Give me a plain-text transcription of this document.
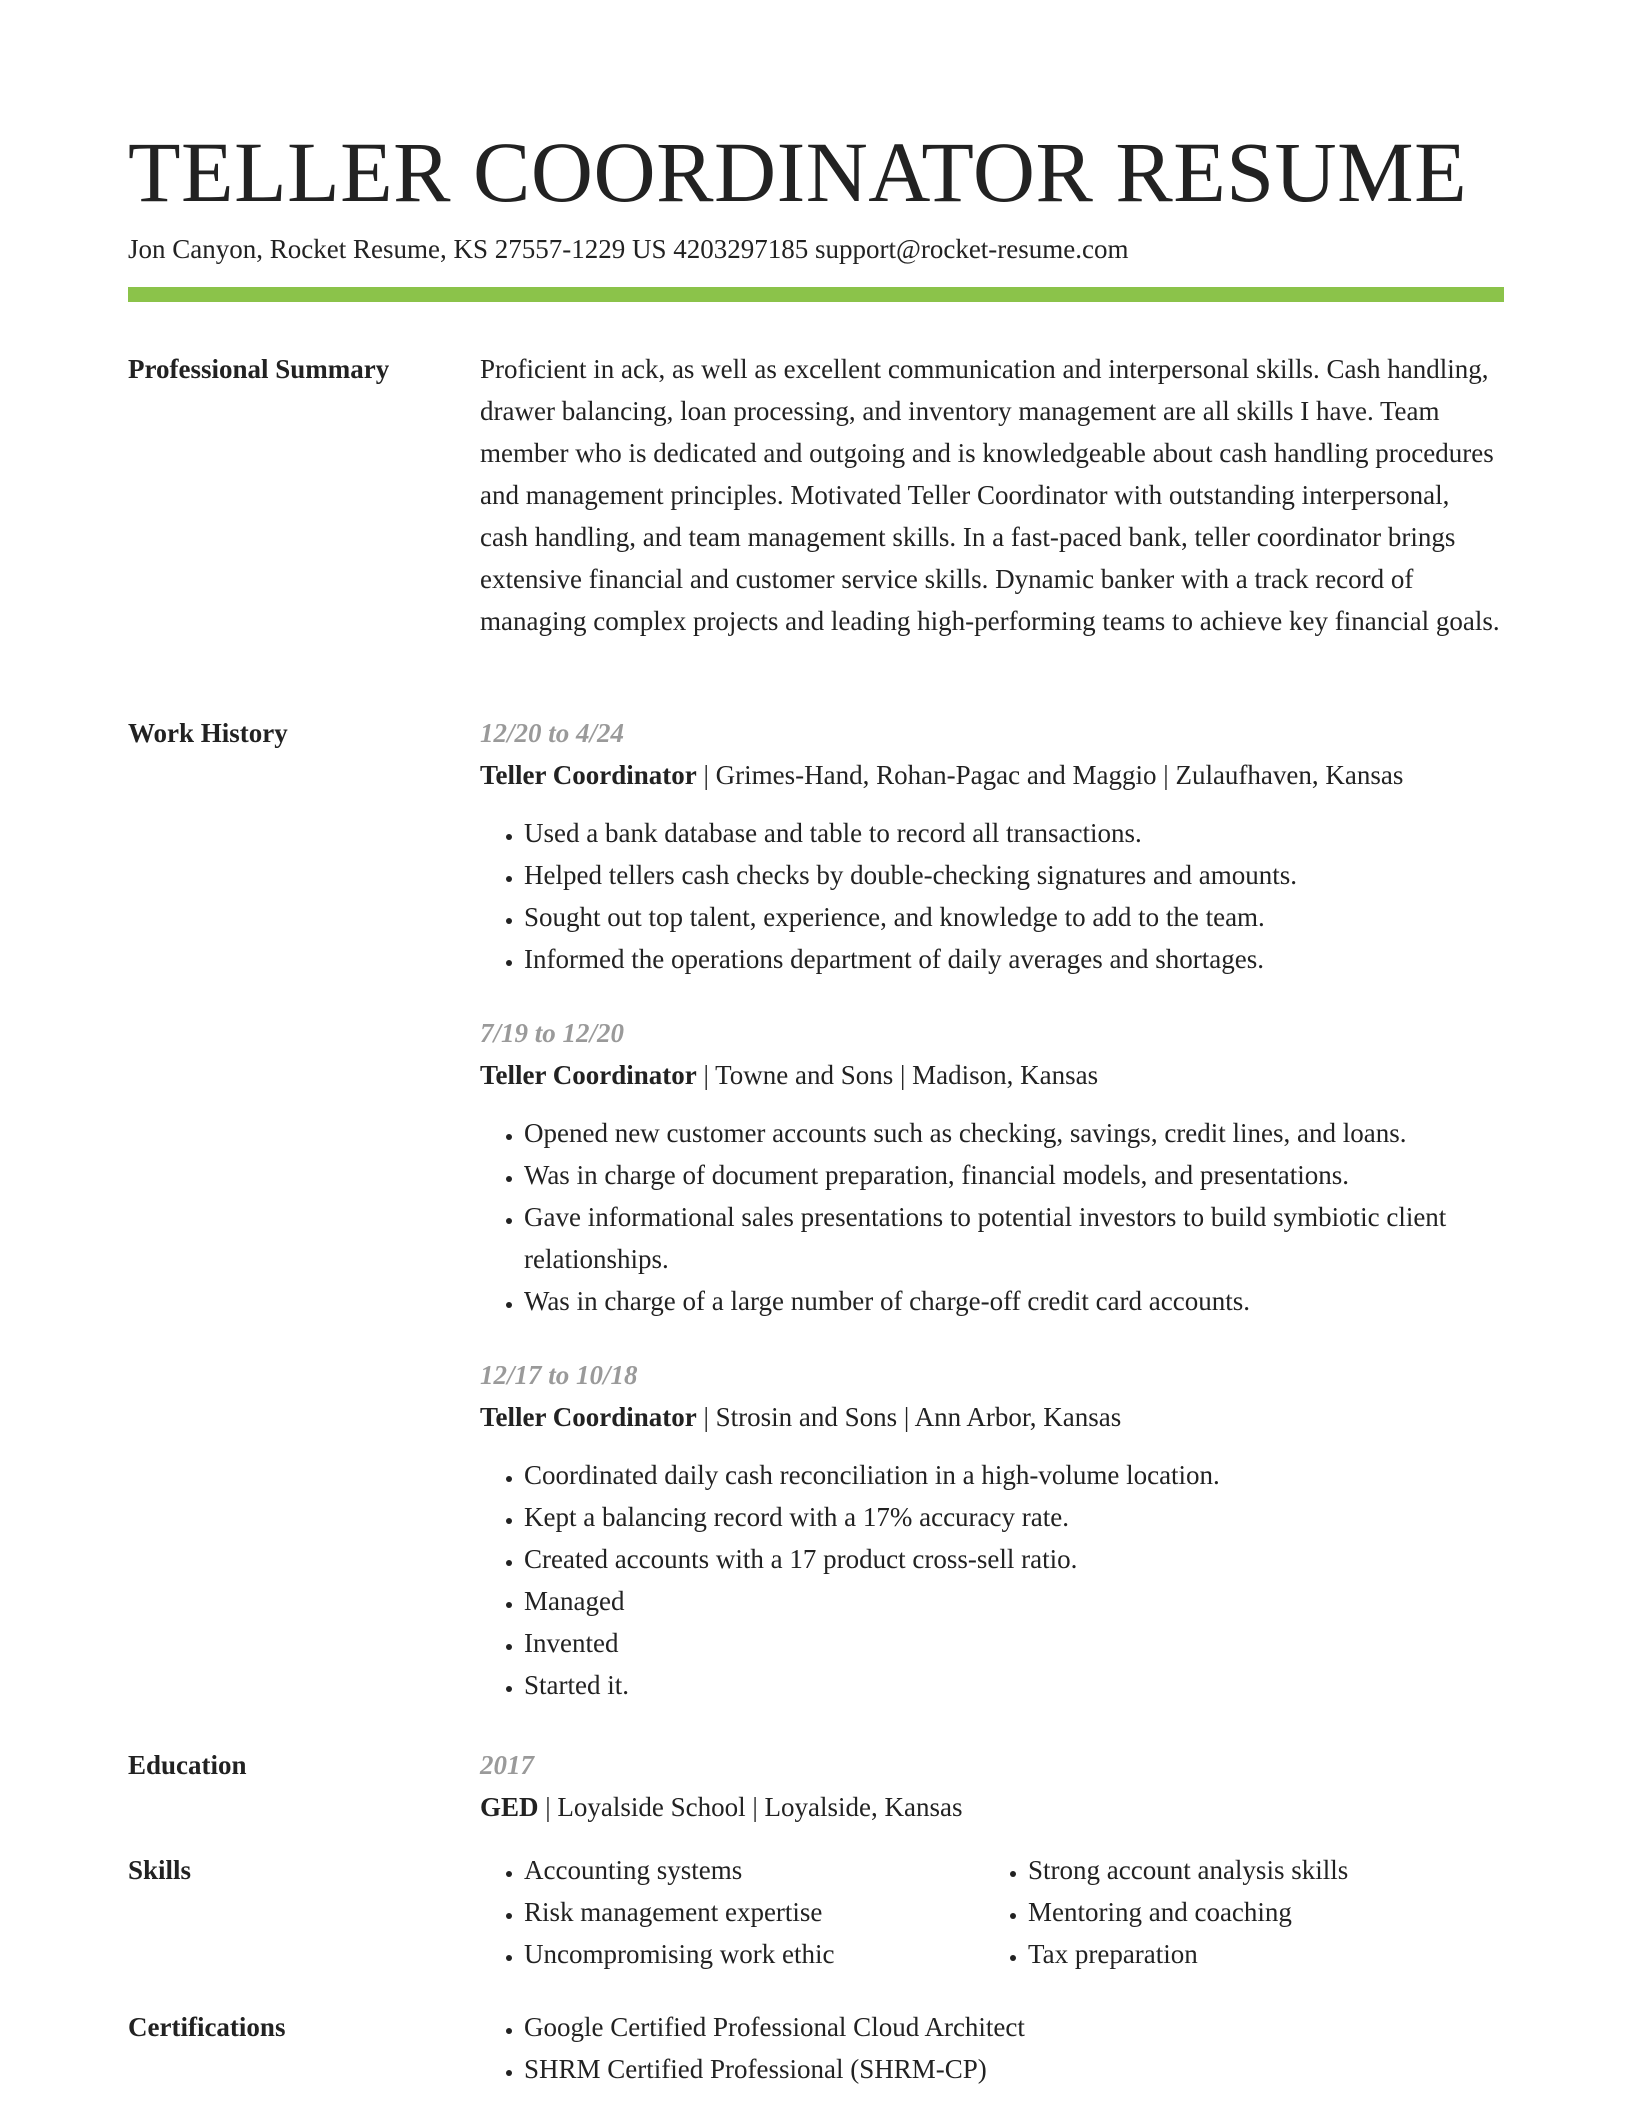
TELLER COORDINATOR RESUME
Jon Canyon, Rocket Resume, KS 27557-1229 US 4203297185 support@rocket-resume.com
Professional Summary	Proficient in ack, as well as excellent communication and interpersonal skills. Cash handling, drawer balancing, loan processing, and inventory management are all skills I have. Team member who is dedicated and outgoing and is knowledgeable about cash handling procedures and management principles. Motivated Teller Coordinator with outstanding interpersonal, cash handling, and team management skills. In a fast-paced bank, teller coordinator brings extensive financial and customer service skills. Dynamic banker with a track record of managing complex projects and leading high-performing teams to achieve key financial goals.

Work History	12/20 to 4/24
Teller Coordinator | Grimes-Hand, Rohan-Pagac and Maggio | Zulaufhaven, Kansas
• Used a bank database and table to record all transactions.
• Helped tellers cash checks by double-checking signatures and amounts.
• Sought out top talent, experience, and knowledge to add to the team.
• Informed the operations department of daily averages and shortages.
7/19 to 12/20
Teller Coordinator | Towne and Sons | Madison, Kansas
• Opened new customer accounts such as checking, savings, credit lines, and loans.
• Was in charge of document preparation, financial models, and presentations.
• Gave informational sales presentations to potential investors to build symbiotic client relationships.
• Was in charge of a large number of charge-off credit card accounts.
12/17 to 10/18
Teller Coordinator | Strosin and Sons | Ann Arbor, Kansas
• Coordinated daily cash reconciliation in a high-volume location.
• Kept a balancing record with a 17% accuracy rate.
• Created accounts with a 17 product cross-sell ratio.
• Managed
• Invented
• Started it.
Education	2017
GED | Loyalside School | Loyalside, Kansas
Skills	• Accounting systems
• Risk management expertise
• Uncompromising work ethic
• Strong account analysis skills
• Mentoring and coaching
• Tax preparation
Certifications	• Google Certified Professional Cloud Architect
• SHRM Certified Professional (SHRM-CP)
